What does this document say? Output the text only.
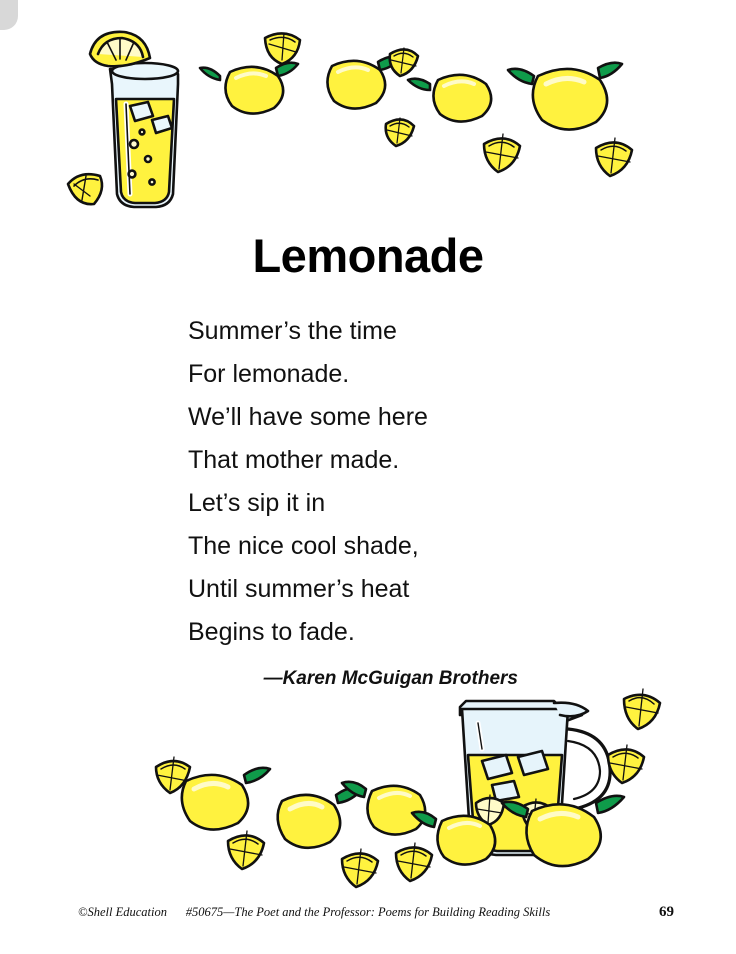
Lemonade
Summer’s the time
For lemonade.
We’ll have some here
That mother made.
Let’s sip it in
The nice cool shade,
Until summer’s heat
Begins to fade.
—Karen McGuigan Brothers
©Shell Education	#50675—The Poet and the Professor: Poems for Building Reading Skills	69
